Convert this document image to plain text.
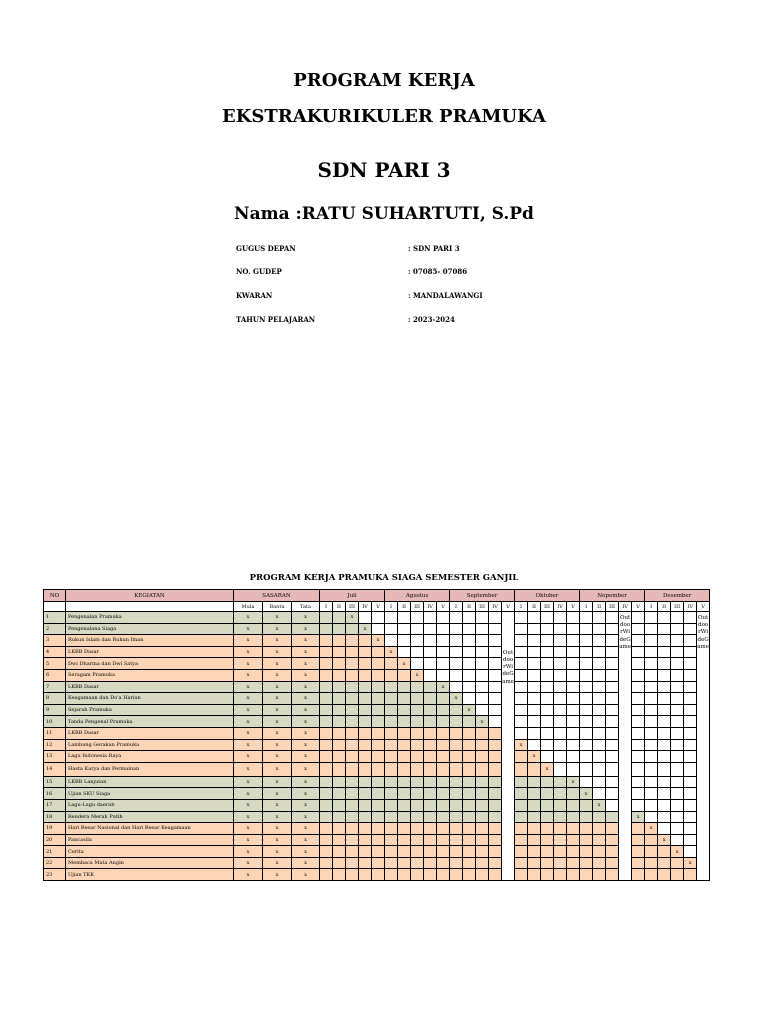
PROGRAM KERJA
EKSTRAKURIKULER PRAMUKA
SDN PARI 3
Nama :RATU SUHARTUTI, S.Pd
GUGUS DEPAN	: SDN PARI 3
NO. GUDEP	: 07085- 07086
KWARAN	: MANDALAWANGI
TAHUN PELAJARAN	: 2023-2024
PROGRAM KERJA PRAMUKA SIAGA SEMESTER GANJIL
NO	KEGIATAN	SASARAN			Juli					Agustus					September					Oktober					Nopember					Desember				
		Mula	Bantu	Tata	I	II	III	IV	V	I	II	III	IV	V	I	II	III	IV	V	I	II	III	IV	V	I	II	III	IV	V	I	II	III	IV	V
1	Pengenalan Pramuka	x	x	x			x												OutdoorWideGame									OutdoorWideGame						OutdoorWideGame
2	Pengenalana Siaga	x	x	x				x																										
3	Rukun Islam dan Rukun Iman	x	x	x					x																									
4	LKBB Dasar	x	x	x						x																								
5	Dwi Dharma dan Dwi Satya	x	x	x							x																							
6	Seragam Pramuka	x	x	x								x																						
7	LKBB Dasar	x	x	x										x																				
8	Keagamaan dan Do'a Harian	x	x	x											x																			
9	Sejarah Pramuka	x	x	x												x																		
10	Tanda Pengenal Pramuka	x	x	x													x																	
11	LKBB Dasar	x	x	x																														
12	Lambang Gerakan Pramuka	x	x	x																x														
13	Lagu Indonesia Raya	x	x	x																	x													
14	Hasta Karya dan Permainan	x	x	x																		x												
15	LKBB Lanjutan	x	x	x																				x										
16	Ujian SKU Siaga	x	x	x																					x									
17	Lagu-Lagu daerah	x	x	x																						x								
18	Bendera Merah Putih	x	x	x																									x					
19	Hari Besar Nasional dan Hari Besar Keagamaan	x	x	x																										x				
20	Pancasila	x	x	x																											x			
21	Cerita	x	x	x																												x		
22	Membaca Mata Angin	x	x	x																													x	
23	Ujian TKK	x	x	x																														
